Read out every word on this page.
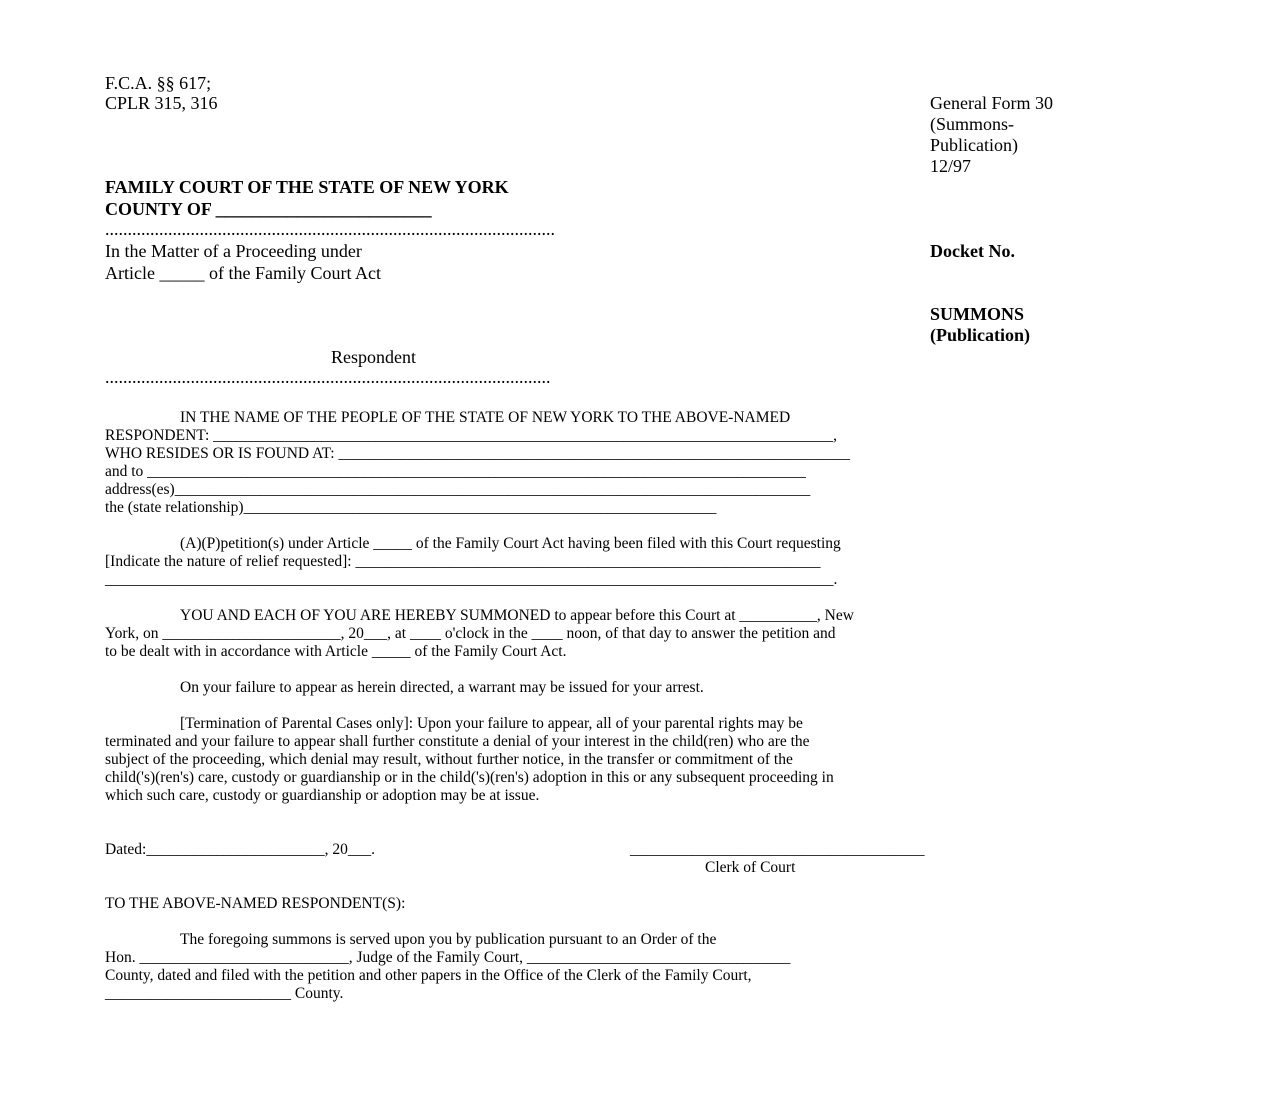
F.C.A. §§ 617;
CPLR 315, 316	General Form 30
(Summons-
Publication)
12/97
FAMILY COURT OF THE STATE OF NEW YORK
COUNTY OF ________________________
....................................................................................................
In the Matter of a Proceeding under
Article _____ of the Family Court Act
Docket No.
SUMMONS
(Publication)
Respondent
...................................................................................................
IN THE NAME OF THE PEOPLE OF THE STATE OF NEW YORK TO THE ABOVE-NAMED
RESPONDENT: ________________________________________________________________________________,
WHO RESIDES OR IS FOUND AT: __________________________________________________________________
and to _____________________________________________________________________________________
address(es)__________________________________________________________________________________
the (state relationship)_____________________________________________________________
(A)(P)petition(s) under Article _____ of the Family Court Act having been filed with this Court requesting
[Indicate the nature of relief requested]: ____________________________________________________________
______________________________________________________________________________________________.
YOU AND EACH OF YOU ARE HEREBY SUMMONED to appear before this Court at __________, New
York, on _______________________, 20___, at ____ o'clock in the ____ noon, of that day to answer the petition and
to be dealt with in accordance with Article _____ of the Family Court Act.
On your failure to appear as herein directed, a warrant may be issued for your arrest.
[Termination of Parental Cases only]: Upon your failure to appear, all of your parental rights may be
terminated and your failure to appear shall further constitute a denial of your interest in the child(ren) who are the
subject of the proceeding, which denial may result, without further notice, in the transfer or commitment of the
child('s)(ren's) care, custody or guardianship or in the child('s)(ren's) adoption in this or any subsequent proceeding in
which such care, custody or guardianship or adoption may be at issue.
Dated:_______________________, 20___.	______________________________________
Clerk of Court
TO THE ABOVE-NAMED RESPONDENT(S):
The foregoing summons is served upon you by publication pursuant to an Order of the
Hon. ___________________________, Judge of the Family Court, __________________________________
County, dated and filed with the petition and other papers in the Office of the Clerk of the Family Court,
________________________ County.
